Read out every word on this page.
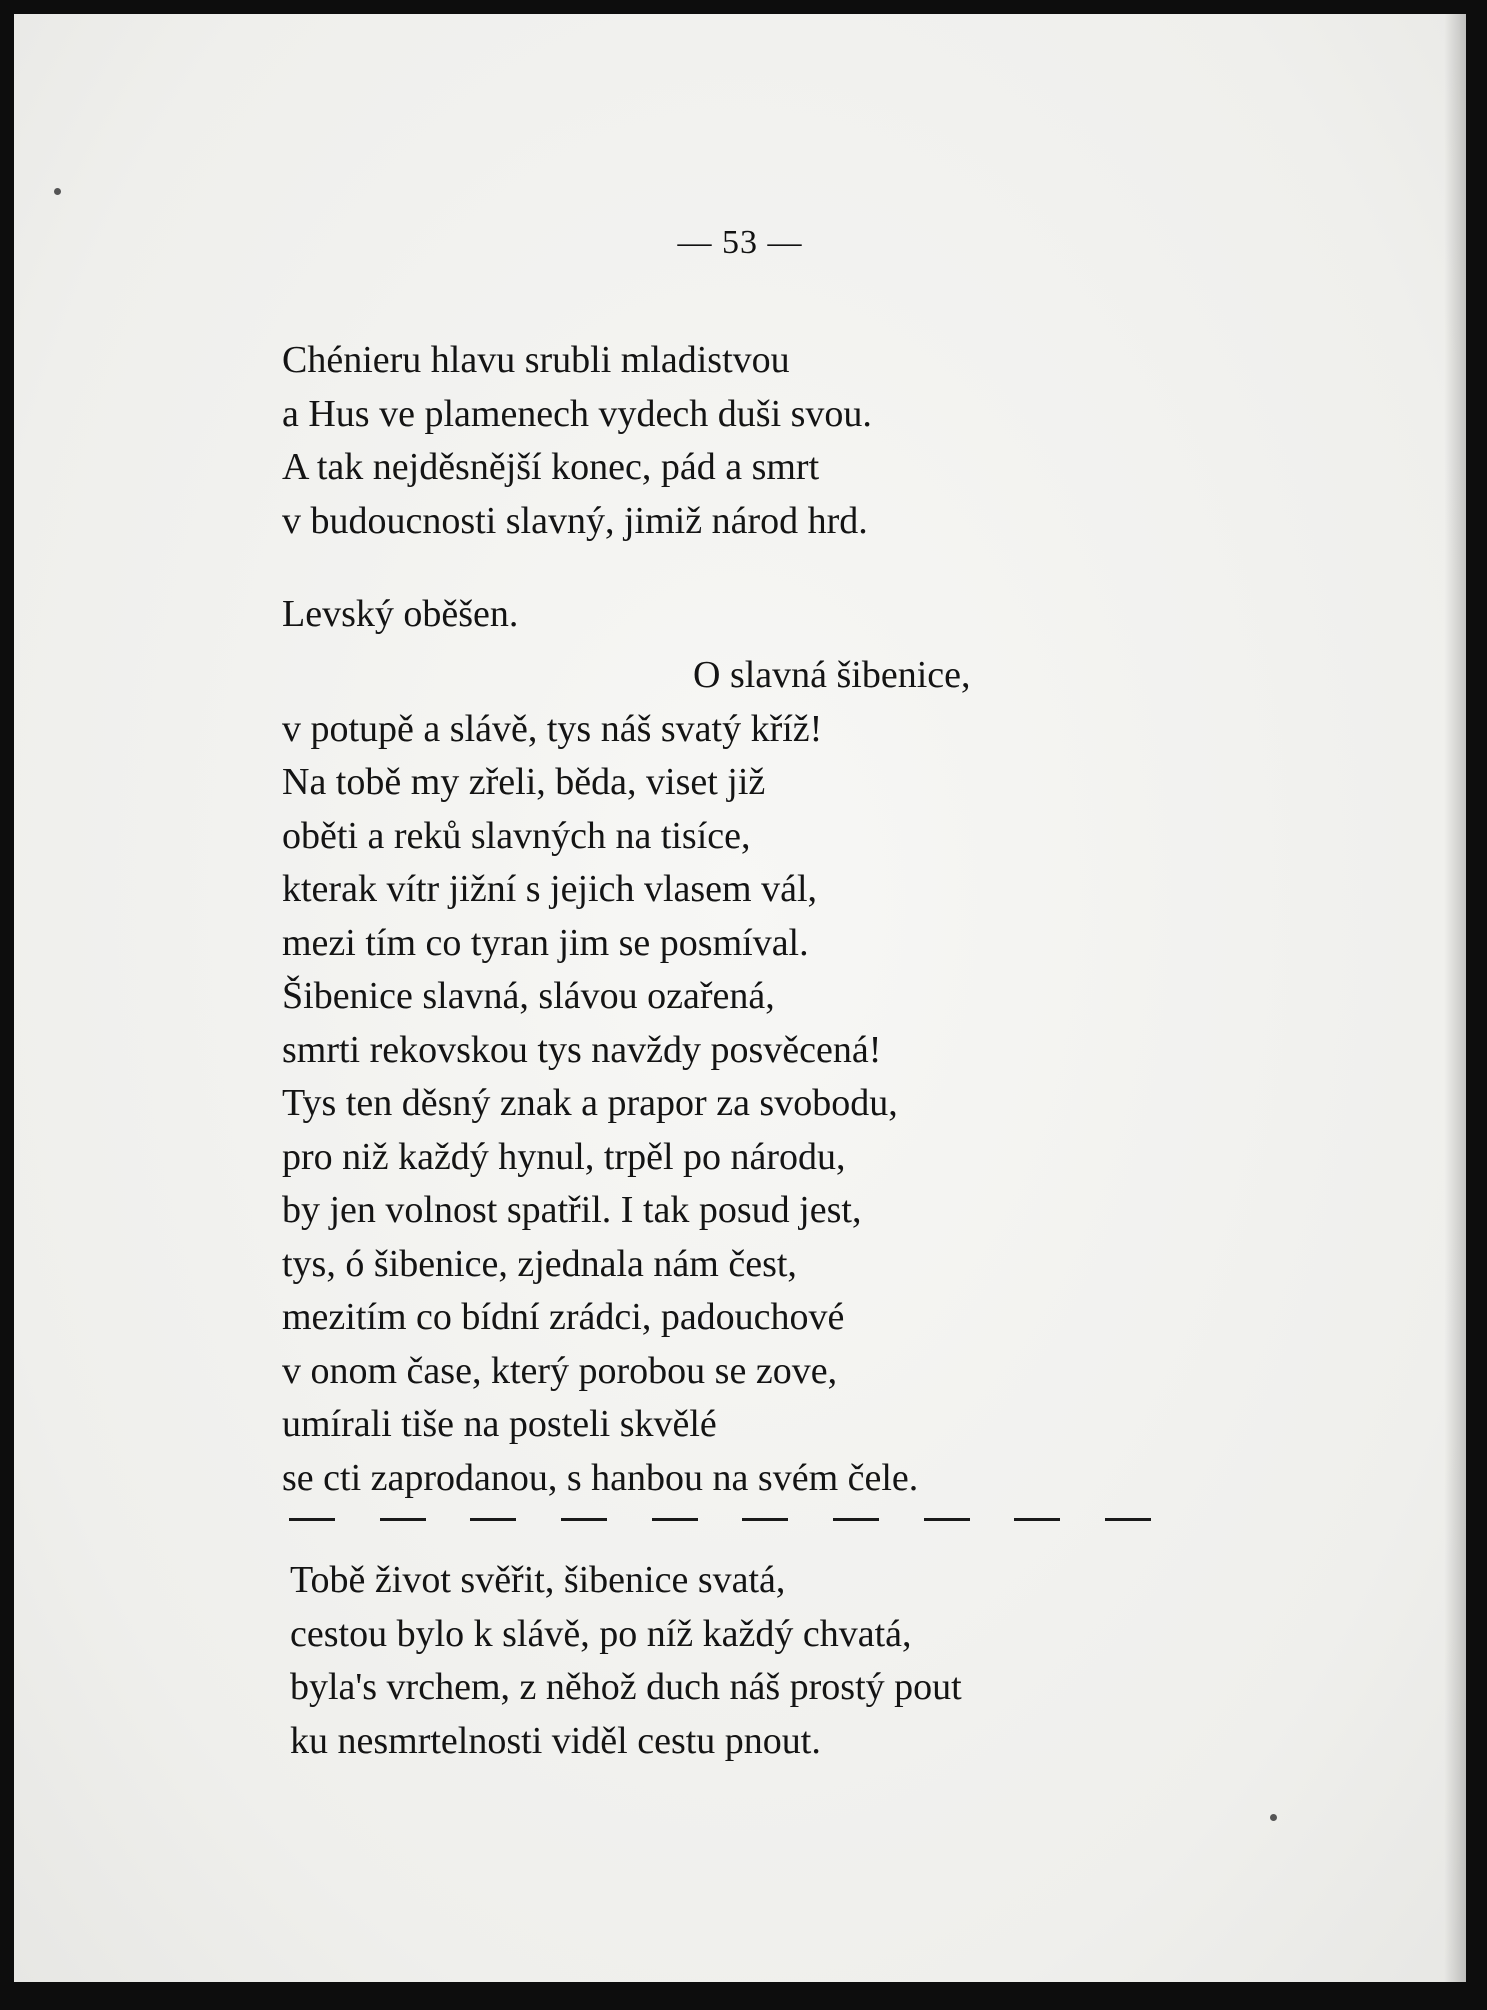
— 53 —
Chénieru hlavu srubli mladistvou
a Hus ve plamenech vydech duši svou.
A tak nejděsnější konec, pád a smrt
v budoucnosti slavný, jimiž národ hrd.
Levský oběšen.
O slavná šibenice,
v potupě a slávě, tys náš svatý kříž!
Na tobě my zřeli, běda, viset již
oběti a reků slavných na tisíce,
kterak vítr jižní s jejich vlasem vál,
mezi tím co tyran jim se posmíval.
Šibenice slavná, slávou ozařená,
smrti rekovskou tys navždy posvěcená!
Tys ten děsný znak a prapor za svobodu,
pro niž každý hynul, trpěl po národu,
by jen volnost spatřil. I tak posud jest,
tys, ó šibenice, zjednala nám čest,
mezitím co bídní zrádci, padouchové
v onom čase, který porobou se zove,
umírali tiše na posteli skvělé
se cti zaprodanou, s hanbou na svém čele.
Tobě život svěřit, šibenice svatá,
cestou bylo k slávě, po níž každý chvatá,
byla's vrchem, z něhož duch náš prostý pout
ku nesmrtelnosti viděl cestu pnout.
